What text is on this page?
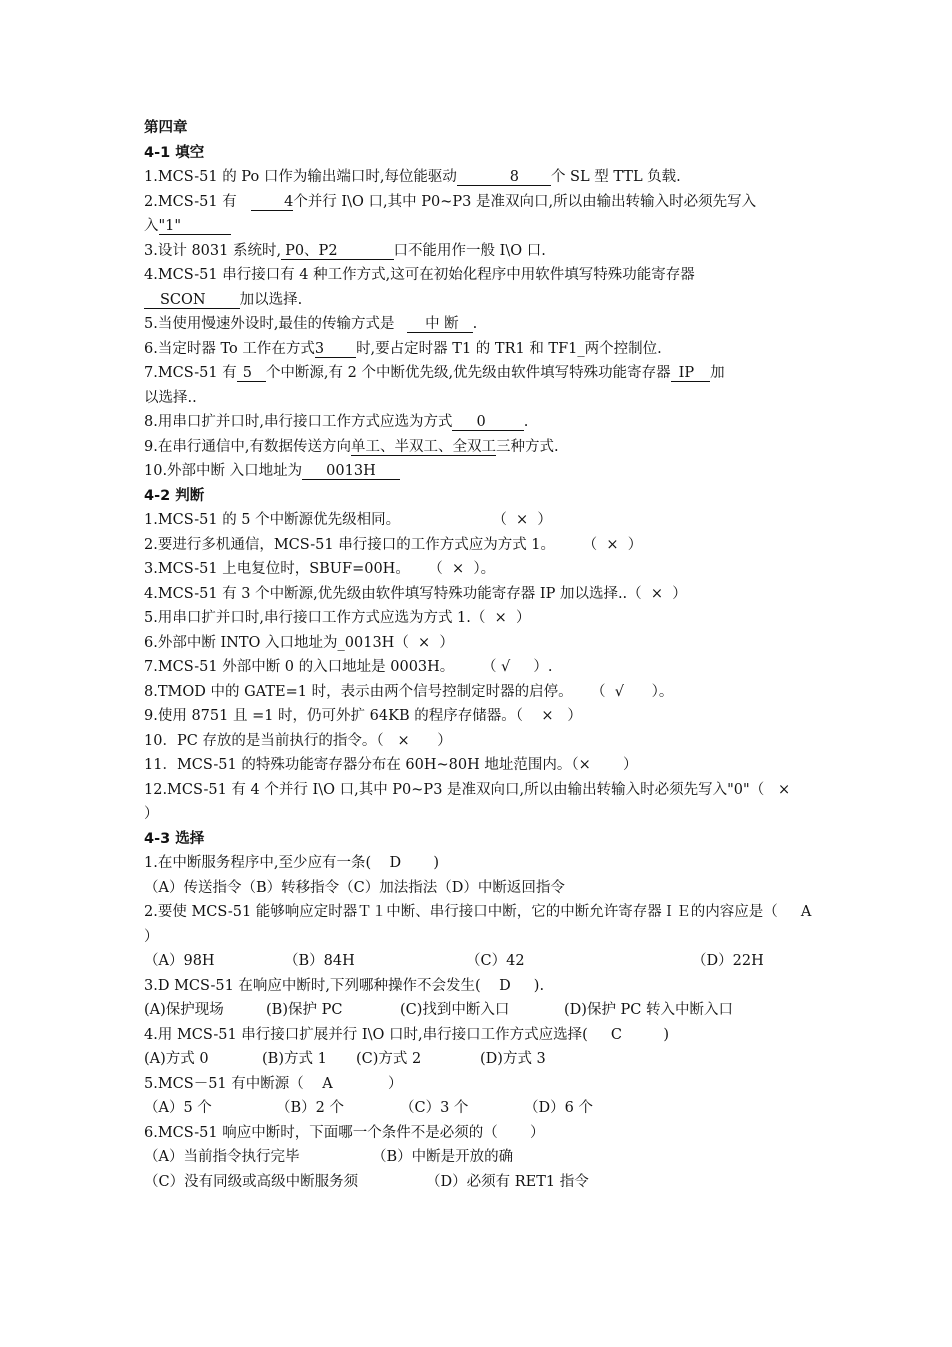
第四章
4-1 填空
1.MCS-51 的 Po 口作为输出端口时,每位能驱动	8 个 SL 型 TTL 负载.
2.MCS-51 有	4个并行 I\O 口,其中 P0~P3 是准双向口,所以由输出转输入时必须先写入
入"1"
3.设计 8031 系统时, P0、P2	口不能用作一般 I\O 口.
4.MCS-51 串行接口有 4 种工作方式,这可在初始化程序中用软件填写特殊功能寄存器
SCON 加以选择.
5.当使用慢速外设时,最佳的传输方式是 中 断 .
6.当定时器 To 工作在方式3 时,要占定时器 T1 的 TR1 和 TF1_两个控制位.
7.MCS-51 有 5 个中断源,有 2 个中断优先级,优先级由软件填写特殊功能寄存器 IP 加
以选择..
8.用串口扩并口时,串行接口工作方式应选为方式 0	.
9.在串行通信中,有数据传送方向单工、半双工、全双工三种方式.
10.外部中断 入口地址为 0013H
4-2 判断
1.MCS-51 的 5 个中断源优先级相同。                    （  ×  ）
2.要进行多机通信，MCS-51 串行接口的工作方式应为方式 1。      （  ×  ）
3.MCS-51 上电复位时，SBUF=00H。    （  ×  ）。
4.MCS-51 有 3 个中断源,优先级由软件填写特殊功能寄存器 IP 加以选择..（  ×  ）
5.用串口扩并口时,串行接口工作方式应选为方式 1.（  ×  ）
6.外部中断 INTO 入口地址为_0013H（  ×  ）
7.MCS-51 外部中断 0 的入口地址是 0003H。      （ √     ）.
8.TMOD 中的 GATE=1 时，表示由两个信号控制定时器的启停。    （  √      ）。
9.使用 8751 且 =1 时，仍可外扩 64KB 的程序存储器。（    ×   ）
10．PC 存放的是当前执行的指令。（   ×      ）
11．MCS-51 的特殊功能寄存器分布在 60H~80H 地址范围内。（×       ）
12.MCS-51 有 4 个并行 I\O 口,其中 P0~P3 是准双向口,所以由输出转输入时必须先写入"0"（   ×     ）
4-3 选择
1.在中断服务程序中,至少应有一条(    D       )
（A）传送指令（B）转移指令（C）加法指法（D）中断返回指令
2.要使 MCS-51 能够响应定时器Ｔ１中断、串行接口中断，它的中断允许寄存器ＩＥ的内容应是（     A       ）
（A）98H	（B）84H	（C）42	（D）22H
3.D MCS-51 在响应中断时,下列哪种操作不会发生(    D     ).
(A)保护现场	(B)保护 PC	(C)找到中断入口	(D)保护 PC 转入中断入口
4.用 MCS-51 串行接口扩展并行 I\O 口时,串行接口工作方式应选择(     C         )
(A)方式 0	(B)方式 1 (C)方式 2	(D)方式 3
5.MCS－51 有中断源（    A            ）
（A）5 个	（B）2 个	（C）3 个	（D）6 个
6.MCS-51 响应中断时，下面哪一个条件不是必须的（       ）
（A）当前指令执行完毕	（B）中断是开放的确
（C）没有同级或高级中断服务须	（D）必须有 RET1 指令
